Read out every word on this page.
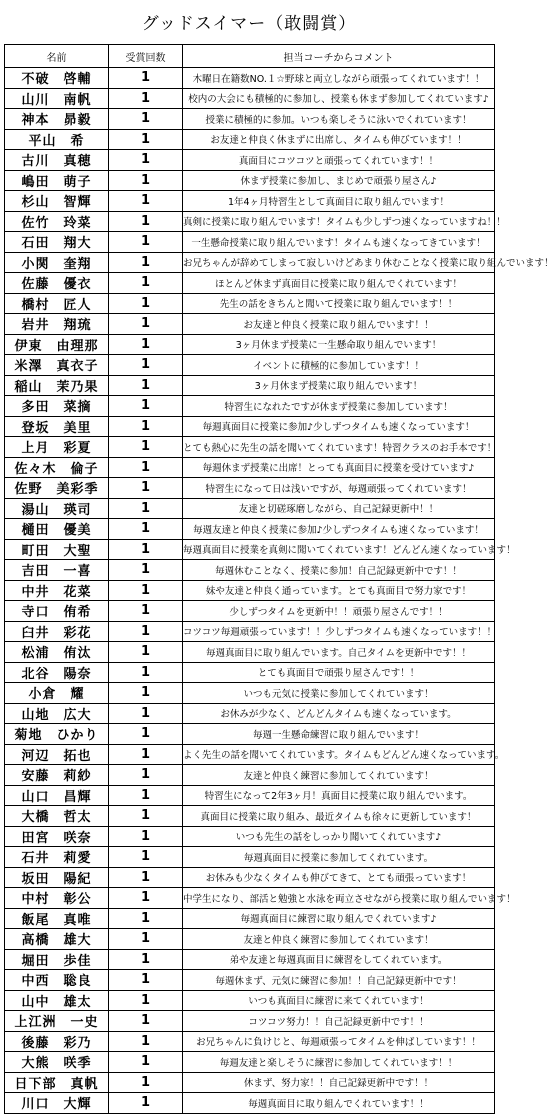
グッドスイマー（敢闘賞）
名前	受賞回数	担当コーチからコメント
不破　啓輔	1	木曜日在籍数NO.１☆野球と両立しながら頑張ってくれています！！
山川　南帆	1	校内の大会にも積極的に参加し、授業も休まず参加してくれています♪
神本　昴毅	1	授業に積極的に参加。いつも楽しそうに泳いでくれています！
平山　希	1	お友達と仲良く休まずに出席し、タイムも伸びています！！
古川　真穂	1	真面目にコツコツと頑張ってくれています！！
嶋田　萌子	1	休まず授業に参加し、まじめで頑張り屋さん♪
杉山　智輝	1	1年4ヶ月特習生として真面目に取り組んでいます！
佐竹　玲菜	1	真剣に授業に取り組んでいます！タイムも少しずつ速くなっていますね！！
石田　翔大	1	一生懸命授業に取り組んでいます！タイムも速くなってきています！
小関　奎翔	1	お兄ちゃんが辞めてしまって寂しいけどあまり休むことなく授業に取り組んでいます！
佐藤　優衣	1	ほとんど休まず真面目に授業に取り組んでくれています！
橋村　匠人	1	先生の話をきちんと聞いて授業に取り組んでいます！！
岩井　翔琉	1	お友達と仲良く授業に取り組んでいます！！
伊東　由理那	1	3ヶ月休まず授業に一生懸命取り組んでいます！
米澤　真衣子	1	イベントに積極的に参加しています！！
稲山　茉乃果	1	3ヶ月休まず授業に取り組んでいます！
多田　菜摘	1	特習生になれたですが休まず授業に参加しています！
登坂　美里	1	毎週真面目に授業に参加♪少しずつタイムも速くなっています！
上月　彩夏	1	とても熱心に先生の話を聞いてくれています！特習クラスのお手本です！
佐々木　倫子	1	毎週休まず授業に出席！とっても真面目に授業を受けています♪
佐野　美彩季	1	特習生になって日は浅いですが、毎週頑張ってくれています！
湯山　瑛司	1	友達と切磋琢磨しながら、自己記録更新中！！
樋田　優美	1	毎週友達と仲良く授業に参加♪少しずつタイムも速くなっています！
町田　大聖	1	毎週真面目に授業を真剣に聞いてくれています！どんどん速くなっています！
吉田　一喜	1	毎週休むことなく、授業に参加！自己記録更新中です！！
中井　花菜	1	妹や友達と仲良く通っています。とても真面目で努力家です！
寺口　侑希	1	少しずつタイムを更新中！！頑張り屋さんです！！
臼井　彩花	1	コツコツ毎週頑張っています！！少しずつタイムも速くなっています！！
松浦　侑汰	1	毎週真面目に取り組んでいます。自己タイムを更新中です！！
北谷　陽奈	1	とても真面目で頑張り屋さんです！！
小倉　耀	1	いつも元気に授業に参加してくれています！
山地　広大	1	お休みが少なく、どんどんタイムも速くなっています。
菊地　ひかり	1	毎週一生懸命練習に取り組んでいます！
河辺　拓也	1	よく先生の話を聞いてくれています。タイムもどんどん速くなっています。
安藤　莉紗	1	友達と仲良く練習に参加してくれています！
山口　昌輝	1	特習生になって2年3ヶ月！真面目に授業に取り組んでいます。
大橋　哲太	1	真面目に授業に取り組み、最近タイムも徐々に更新しています！
田宮　咲奈	1	いつも先生の話をしっかり聞いてくれています♪
石井　莉愛	1	毎週真面目に授業に参加してくれています。
坂田　陽紀	1	お休みも少なくタイムも伸びてきて、とても頑張っています！
中村　彰公	1	中学生になり、部活と勉強と水泳を両立させながら授業に取り組んでいます！
飯尾　真唯	1	毎週真面目に練習に取り組んでくれています♪
高橋　雄大	1	友達と仲良く練習に参加してくれています！
堀田　歩佳	1	弟や友達と毎週真面目に練習をしてくれています。
中西　聡良	1	毎週休まず、元気に練習に参加！！自己記録更新中です！
山中　雄太	1	いつも真面目に練習に来てくれています！
上江洲　一史	1	コツコツ努力！！自己記録更新中です！！
後藤　彩乃	1	お兄ちゃんに負けじと、毎週頑張ってタイムを伸ばしています！！
大熊　咲季	1	毎週友達と楽しそうに練習に参加してくれています！！
日下部　真帆	1	休まず、努力家！！自己記録更新中です！！
川口　大輝	1	毎週真面目に取り組んでくれています！！
